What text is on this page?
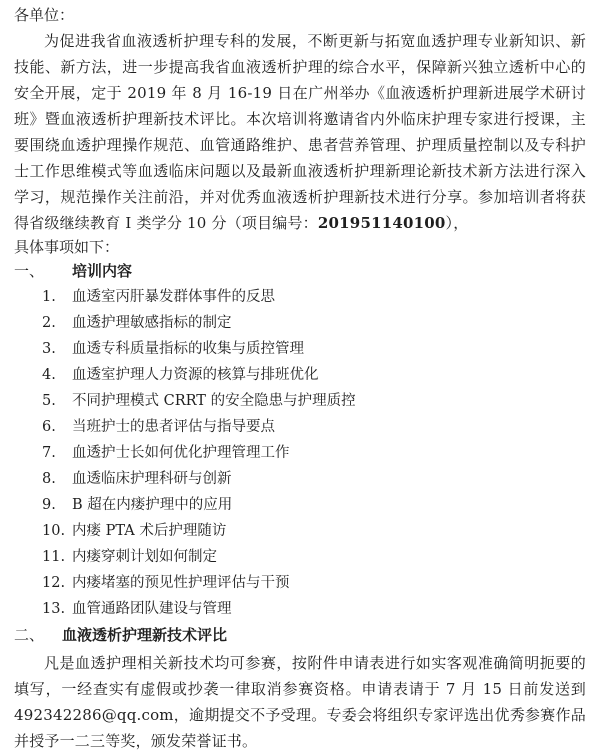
各单位：

为促进我省血液透析护理专科的发展，不断更新与拓宽血透护理专业新知识、新技能、新方法，进一步提高我省血液透析护理的综合水平，保障新兴独立透析中心的安全开展，定于 2019 年 8 月 16-19 日在广州举办《血液透析护理新进展学术研讨班》暨血液透析护理新技术评比。本次培训将邀请省内外临床护理专家进行授课，主要围绕血透护理操作规范、血管通路维护、患者营养管理、护理质量控制以及专科护士工作思维模式等血透临床问题以及最新血液透析护理新理论新技术新方法进行深入学习，规范操作关注前沿，并对优秀血液透析护理新技术进行分享。参加培训者将获得省级继续教育 I 类学分 10 分（项目编号：201951140100），

具体事项如下：

一、	培训内容
1.	血透室丙肝暴发群体事件的反思
2.	血透护理敏感指标的制定
3.	血透专科质量指标的收集与质控管理
4.	血透室护理人力资源的核算与排班优化
5.	不同护理模式 CRRT 的安全隐患与护理质控
6.	当班护士的患者评估与指导要点
7.	血透护士长如何优化护理管理工作
8.	血透临床护理科研与创新
9.	B 超在内瘘护理中的应用
10. 内瘘 PTA 术后护理随访
11. 内瘘穿刺计划如何制定
12. 内瘘堵塞的预见性护理评估与干预
13. 血管通路团队建设与管理
二、	血液透析护理新技术评比

凡是血透护理相关新技术均可参赛，按附件申请表进行如实客观准确简明扼要的填写，一经查实有虚假或抄袭一律取消参赛资格。申请表请于 7 月 15 日前发送到 492342286@qq.com，逾期提交不予受理。专委会将组织专家评选出优秀参赛作品并授予一二三等奖，颁发荣誉证书。
